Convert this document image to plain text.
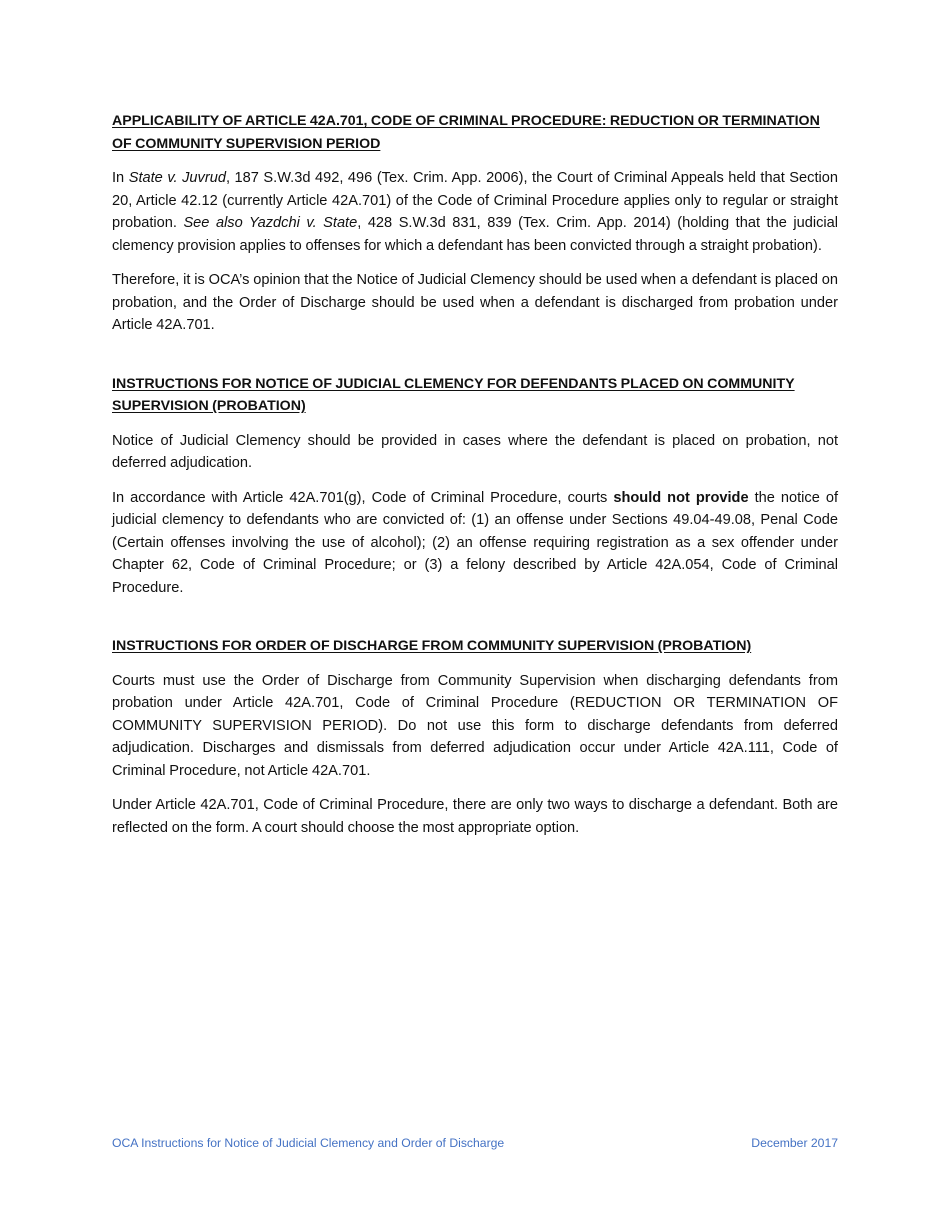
APPLICABILITY OF ARTICLE 42A.701, CODE OF CRIMINAL PROCEDURE: REDUCTION OR TERMINATION OF COMMUNITY SUPERVISION PERIOD

In State v. Juvrud, 187 S.W.3d 492, 496 (Tex. Crim. App. 2006), the Court of Criminal Appeals held that Section 20, Article 42.12 (currently Article 42A.701) of the Code of Criminal Procedure applies only to regular or straight probation. See also Yazdchi v. State, 428 S.W.3d 831, 839 (Tex. Crim. App. 2014) (holding that the judicial clemency provision applies to offenses for which a defendant has been convicted through a straight probation).

Therefore, it is OCA’s opinion that the Notice of Judicial Clemency should be used when a defendant is placed on probation, and the Order of Discharge should be used when a defendant is discharged from probation under Article 42A.701.

INSTRUCTIONS FOR NOTICE OF JUDICIAL CLEMENCY FOR DEFENDANTS PLACED ON COMMUNITY SUPERVISION (PROBATION)

Notice of Judicial Clemency should be provided in cases where the defendant is placed on probation, not deferred adjudication.

In accordance with Article 42A.701(g), Code of Criminal Procedure, courts should not provide the notice of judicial clemency to defendants who are convicted of: (1) an offense under Sections 49.04-49.08, Penal Code (Certain offenses involving the use of alcohol); (2) an offense requiring registration as a sex offender under Chapter 62, Code of Criminal Procedure; or (3) a felony described by Article 42A.054, Code of Criminal Procedure.

INSTRUCTIONS FOR ORDER OF DISCHARGE FROM COMMUNITY SUPERVISION (PROBATION)

Courts must use the Order of Discharge from Community Supervision when discharging defendants from probation under Article 42A.701, Code of Criminal Procedure (REDUCTION OR TERMINATION OF COMMUNITY SUPERVISION PERIOD). Do not use this form to discharge defendants from deferred adjudication. Discharges and dismissals from deferred adjudication occur under Article 42A.111, Code of Criminal Procedure, not Article 42A.701.

Under Article 42A.701, Code of Criminal Procedure, there are only two ways to discharge a defendant. Both are reflected on the form. A court should choose the most appropriate option.

OCA Instructions for Notice of Judicial Clemency and Order of Discharge	December 2017
